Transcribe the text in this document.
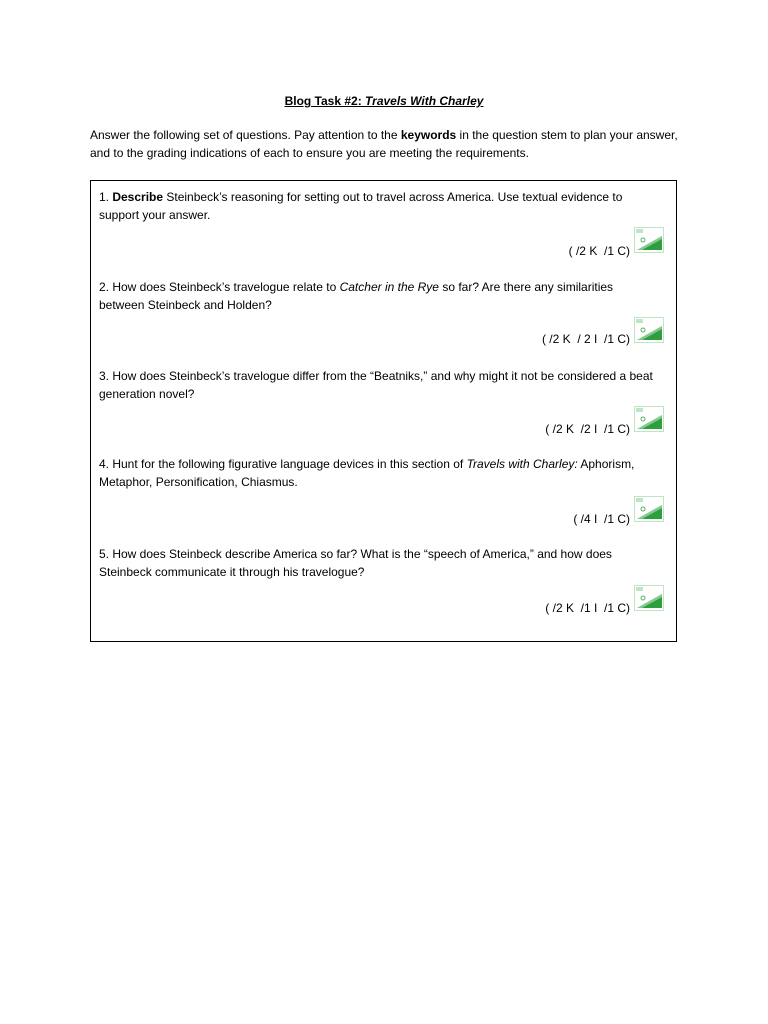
Blog Task #2: Travels With Charley
Answer the following set of questions. Pay attention to the keywords in the question stem to plan your answer, and to the grading indications of each to ensure you are meeting the requirements.
1. Describe Steinbeck’s reasoning for setting out to travel across America. Use textual evidence to support your answer.
( /2 K  /1 C)
2. How does Steinbeck’s travelogue relate to Catcher in the Rye so far? Are there any similarities between Steinbeck and Holden?
( /2 K  / 2 I  /1 C)
3. How does Steinbeck’s travelogue differ from the “Beatniks,” and why might it not be considered a beat generation novel?
( /2 K  /2 I  /1 C)
4. Hunt for the following figurative language devices in this section of Travels with Charley: Aphorism, Metaphor, Personification, Chiasmus.
( /4 I  /1 C)
5. How does Steinbeck describe America so far? What is the “speech of America,” and how does Steinbeck communicate it through his travelogue?
( /2 K  /1 I  /1 C)
